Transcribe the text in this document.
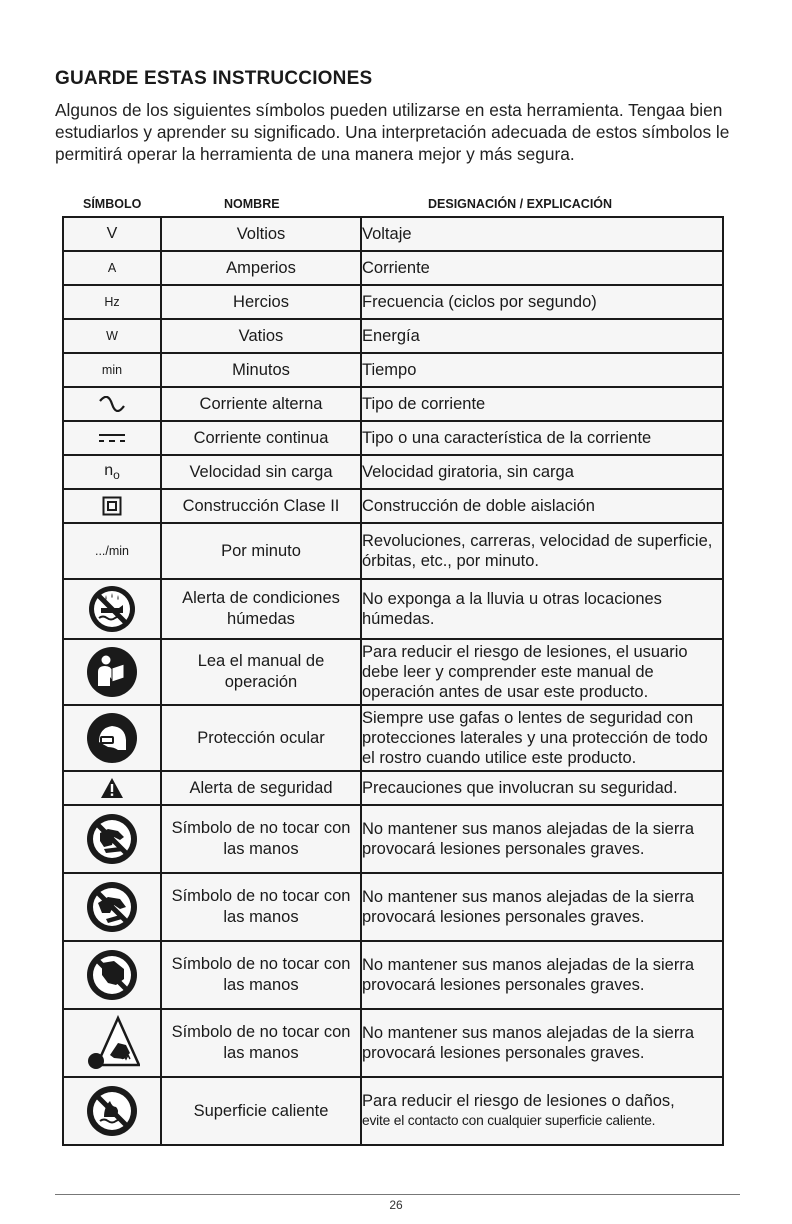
GUARDE ESTAS INSTRUCCIONES

Algunos de los siguientes símbolos pueden utilizarse en esta herramienta. Tengaa bien estudiarlos y aprender su significado. Una interpretación adecuada de estos símbolos le permitirá operar la herramienta de una manera mejor y más segura.

SÍMBOLO	NOMBRE	DESIGNACIÓN / EXPLICACIÓN
V	Voltios	Voltaje
A	Amperios	Corriente
Hz	Hercios	Frecuencia (ciclos por segundo)
W	Vatios	Energía
min	Minutos	Tiempo
	Corriente alterna	Tipo de corriente
	Corriente continua	Tipo o una característica de la corriente
$n_o$	Velocidad sin carga	Velocidad giratoria, sin carga
	Construcción Clase II	Construcción de doble aislación
.../min	Por minuto	Revoluciones, carreras, velocidad de superficie, órbitas, etc., por minuto.
	Alerta de condiciones húmedas	No exponga a la lluvia u otras locaciones húmedas.
	Lea el manual de operación	Para reducir el riesgo de lesiones, el usuario debe leer y comprender este manual de operación antes de usar este producto.
	Protección ocular	Siempre use gafas o lentes de seguridad con protecciones laterales y una protección de todo el rostro cuando utilice este producto.
	Alerta de seguridad	Precauciones que involucran su seguridad.
	Símbolo de no tocar con las manos	No mantener sus manos alejadas de la sierra provocará lesiones personales graves.
	Símbolo de no tocar con las manos	No mantener sus manos alejadas de la sierra provocará lesiones personales graves.
	Símbolo de no tocar con las manos	No mantener sus manos alejadas de la sierra provocará lesiones personales graves.
	Símbolo de no tocar con las manos	No mantener sus manos alejadas de la sierra provocará lesiones personales graves.
	Superficie caliente	Para reducir el riesgo de lesiones o daños,
evite el contacto con cualquier superficie caliente.
26
